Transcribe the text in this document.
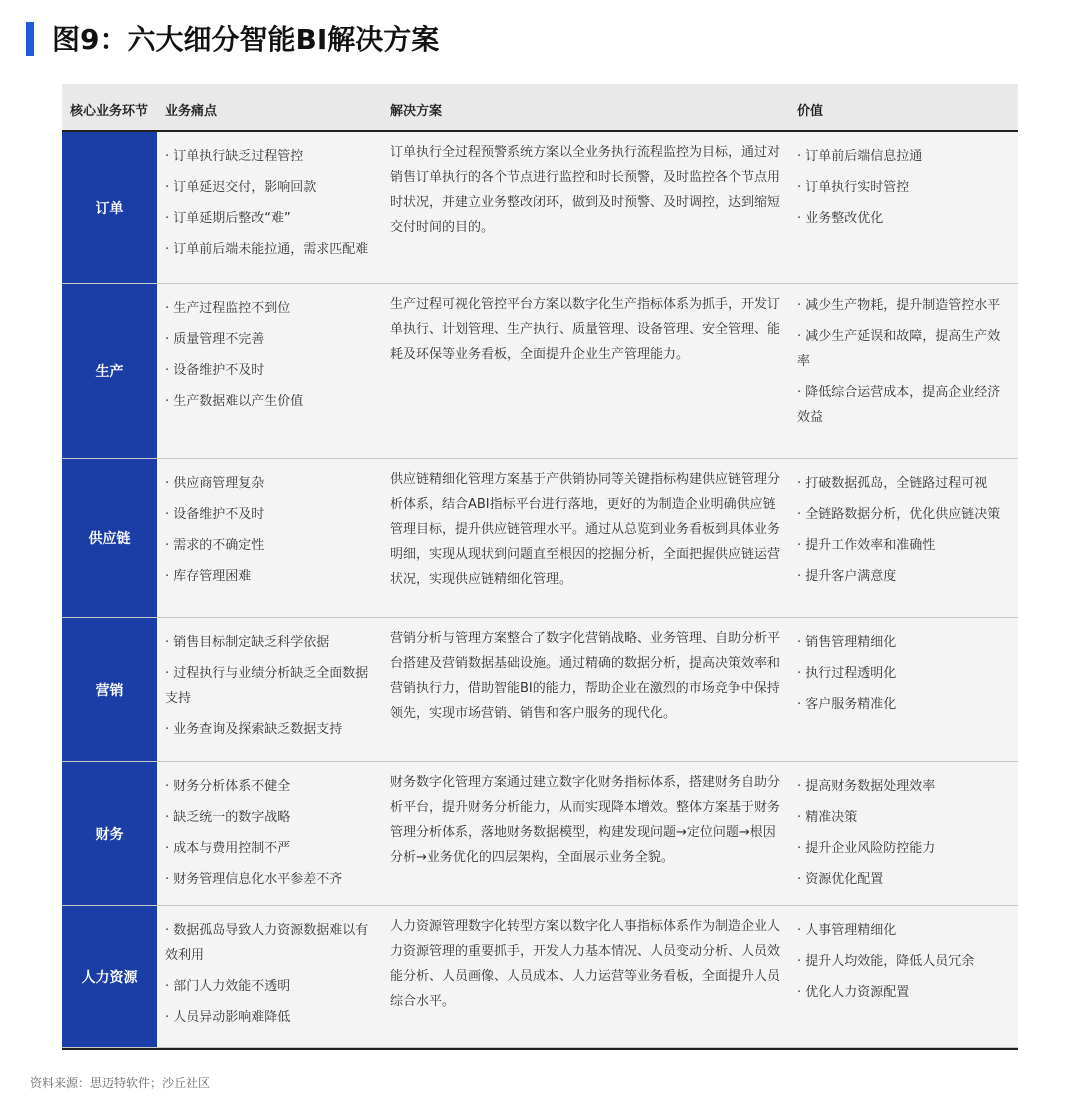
图9：六大细分智能BI解决方案
核心业务环节 业务痛点	解决方案	价值
订单
· 订单执行缺乏过程管控
· 订单延迟交付，影响回款
· 订单延期后整改“难”
· 订单前后端未能拉通，需求匹配难
订单执行全过程预警系统方案以全业务执行流程监控为目标，通过对销售订单执行的各个节点进行监控和时长预警，及时监控各个节点用时状况，并建立业务整改闭环，做到及时预警、及时调控，达到缩短交付时间的目的。
· 订单前后端信息拉通
· 订单执行实时管控
· 业务整改优化
生产
· 生产过程监控不到位
· 质量管理不完善
· 设备维护不及时
· 生产数据难以产生价值
生产过程可视化管控平台方案以数字化生产指标体系为抓手，开发订单执行、计划管理、生产执行、质量管理、设备管理、安全管理、能耗及环保等业务看板，全面提升企业生产管理能力。
· 减少生产物耗，提升制造管控水平
· 减少生产延误和故障，提高生产效率
· 降低综合运营成本，提高企业经济效益
供应链
· 供应商管理复杂
· 设备维护不及时
· 需求的不确定性
· 库存管理困难
供应链精细化管理方案基于产供销协同等关键指标构建供应链管理分析体系，结合ABI指标平台进行落地，更好的为制造企业明确供应链管理目标，提升供应链管理水平。通过从总览到业务看板到具体业务明细，实现从现状到问题直至根因的挖掘分析，全面把握供应链运营状况，实现供应链精细化管理。
· 打破数据孤岛，全链路过程可视
· 全链路数据分析，优化供应链决策
· 提升工作效率和准确性
· 提升客户满意度
营销
· 销售目标制定缺乏科学依据
· 过程执行与业绩分析缺乏全面数据支持
· 业务查询及探索缺乏数据支持
营销分析与管理方案整合了数字化营销战略、业务管理、自助分析平台搭建及营销数据基础设施。通过精确的数据分析，提高决策效率和营销执行力，借助智能BI的能力，帮助企业在激烈的市场竞争中保持领先，实现市场营销、销售和客户服务的现代化。
· 销售管理精细化
· 执行过程透明化
· 客户服务精准化
财务
· 财务分析体系不健全
· 缺乏统一的数字战略
· 成本与费用控制不严
· 财务管理信息化水平参差不齐
财务数字化管理方案通过建立数字化财务指标体系，搭建财务自助分析平台，提升财务分析能力，从而实现降本增效。整体方案基于财务管理分析体系，落地财务数据模型，构建发现问题→定位问题→根因分析→业务优化的四层架构，全面展示业务全貌。
· 提高财务数据处理效率
· 精准决策
· 提升企业风险防控能力
· 资源优化配置
人力资源
· 数据孤岛导致人力资源数据难以有效利用
· 部门人力效能不透明
· 人员异动影响难降低
人力资源管理数字化转型方案以数字化人事指标体系作为制造企业人力资源管理的重要抓手，开发人力基本情况、人员变动分析、人员效能分析、人员画像、人员成本、人力运营等业务看板，全面提升人员综合水平。
· 人事管理精细化
· 提升人均效能，降低人员冗余
· 优化人力资源配置
资料来源：思迈特软件；沙丘社区
